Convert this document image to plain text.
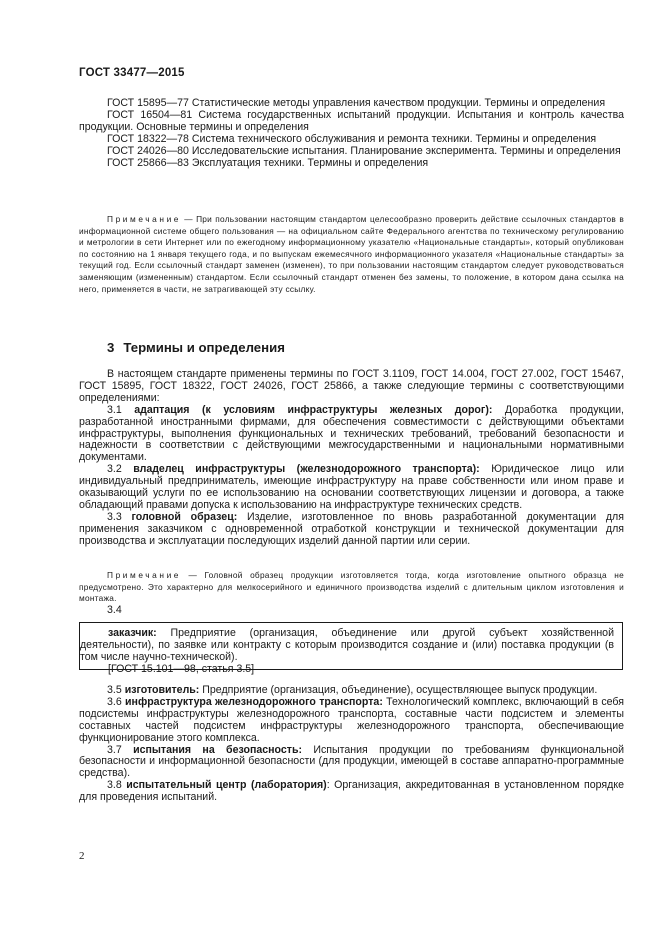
ГОСТ 33477—2015

ГОСТ 15895—77 Статистические методы управления качеством продукции. Термины и определения

ГОСТ 16504—81 Система государственных испытаний продукции. Испытания и контроль качества продукции. Основные термины и определения

ГОСТ 18322—78 Система технического обслуживания и ремонта техники. Термины и определения

ГОСТ 24026—80 Исследовательские испытания. Планирование эксперимента. Термины и определения

ГОСТ 25866—83 Эксплуатация техники. Термины и определения

Примечание — При пользовании настоящим стандартом целесообразно проверить действие ссылочных стандартов в информационной системе общего пользования — на официальном сайте Федерального агентства по техническому регулированию и метрологии в сети Интернет или по ежегодному информационному указателю «Национальные стандарты», который опубликован по состоянию на 1 января текущего года, и по выпускам ежемесячного информационного указателя «Национальные стандарты» за текущий год. Если ссылочный стандарт заменен (изменен), то при пользовании настоящим стандартом следует руководствоваться заменяющим (измененным) стандартом. Если ссылочный стандарт отменен без замены, то положение, в котором дана ссылка на него, применяется в части, не затрагивающей эту ссылку.

3 Термины и определения

В настоящем стандарте применены термины по ГОСТ 3.1109, ГОСТ 14.004, ГОСТ 27.002, ГОСТ 15467, ГОСТ 15895, ГОСТ 18322, ГОСТ 24026, ГОСТ 25866, а также следующие термины с соответствующими определениями:

3.1 адаптация (к условиям инфраструктуры железных дорог): Доработка продукции, разработанной иностранными фирмами, для обеспечения совместимости с действующими объектами инфраструктуры, выполнения функциональных и технических требований, требований безопасности и надежности в соответствии с действующими межгосударственными и национальными нормативными документами.

3.2 владелец инфраструктуры (железнодорожного транспорта): Юридическое лицо или индивидуальный предприниматель, имеющие инфраструктуру на праве собственности или ином праве и оказывающий услуги по ее использованию на основании соответствующих лицензии и договора, а также обладающий правами допуска к использованию на инфраструктуре технических средств.

3.3 головной образец: Изделие, изготовленное по вновь разработанной документации для применения заказчиком с одновременной отработкой конструкции и технической документации для производства и эксплуатации последующих изделий данной партии или серии.

Примечание — Головной образец продукции изготовляется тогда, когда изготовление опытного образца не предусмотрено. Это характерно для мелкосерийного и единичного производства изделий с длительным циклом изготовления и монтажа.

3.4

заказчик: Предприятие (организация, объединение или другой субъект хозяйственной деятельности), по заявке или контракту с которым производится создание и (или) поставка продукции (в том числе научно-технической).

[ГОСТ 15.101—98, статья 3.5]

3.5 изготовитель: Предприятие (организация, объединение), осуществляющее выпуск продукции.

3.6 инфраструктура железнодорожного транспорта: Технологический комплекс, включающий в себя подсистемы инфраструктуры железнодорожного транспорта, составные части подсистем и элементы составных частей подсистем инфраструктуры железнодорожного транспорта, обеспечивающие функционирование этого комплекса.

3.7 испытания на безопасность: Испытания продукции по требованиям функциональной безопасности и информационной безопасности (для продукции, имеющей в составе аппаратно-программные средства).

3.8 испытательный центр (лаборатория): Организация, аккредитованная в установленном порядке для проведения испытаний.

2
